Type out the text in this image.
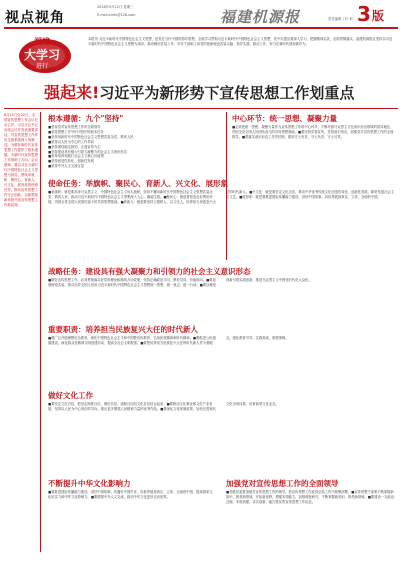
视点视角
2018年9月12日 星期三
E-mail:xinfu@126.com	福建机源报	责任编辑 / 叶 莉 3 版
福建
大学习
进行
本报讯 习近平新时代中国特色社会主义思想，是党在当代中国的指导思想。全面学习贯彻习近平新时代中国特色社会主义思想，党中央提出要深入学习，把握精神实质，全面贯彻落实。福建机源报社坚持以习近平新时代中国特色社会主义思想为指导，推动理论武装工作，引导干部职工用党的创新理论武装头脑、指导实践、推动工作，努力在新时代展现新作为。
强起来!习近平为新形势下宣传思想工作划重点
8月21日至22日，全国宣传思想工作会议在京召开。习近平总书记出席会议并发表重要讲话，对宣传思想工作作出全面系统深入的阐述，为做好新时代宣传思想工作提供了根本遵循，为新时代宣传思想工作指明了方向。会议强调，要以习近平新时代中国特色社会主义思想为指导，围绕举旗帜、聚民心、育新人、兴文化、展形象的使命任务，推动宣传思想工作守正创新，以新思路新举措开创宣传思想工作新局面。
根本遵循：九个"坚持"
■坚持党对宣传思想工作的全面领导
■坚持思想工作"两个巩固"的根本任务
■坚持用新时代中国特色社会主义思想武装全党、教育人民
■坚持以人民为中心的工作导向
■坚持团结稳定鼓劲、正面宣传为主
■坚持建设具有强大引领力凝聚力的社会主义意识形态
■坚持培育和践行社会主义核心价值观
■坚持创造性转化、创新性发展
■坚持中外人文交流互鉴
中心环节：统一思想、凝聚力量
■必须把统一思想、凝聚力量作为宣传思想工作的中心环节，不断巩固马克思主义在意识形态领域的指导地位，巩固全党全国人民团结奋斗的共同思想基础。■要坚持党管宣传、党管意识形态，加强党对宣传思想工作的全面领导。■要落实意识形态工作责任制，做到守土有责、守土负责、守土尽责。
使命任务：举旗帜、聚民心、育新人、兴文化、展形象
■举旗帜：就是要高举马克思主义、中国特色社会主义伟大旗帜，坚持不懈用新时代中国特色社会主义思想武装全党、教育人民，推动习近平新时代中国特色社会主义思想深入人心、落地生根。■聚民心：就是要营造良好舆论环境，巩固全党全国人民团结奋斗的共同思想基础。■育新人：就是要坚持立德树人、以文化人，培养担当民族复兴大任的时代新人。■兴文化：就是要坚定文化自信，推动中华优秀传统文化创造性转化、创新性发展，繁荣发展社会主义文艺。■展形象：就是要推进国际传播能力建设，讲好中国故事，向世界展现真实、立体、全面的中国。
战略任务：建设具有强大凝聚力和引领力的社会主义意识形态
■做好宣传思想工作，必须贯彻落实好党的理论和路线方针政策，坚持正确政治方向、舆论导向、价值取向。■要加强理论武装，推动全党全国人民用习近平新时代中国特色社会主义思想统一思想、统一意志、统一行动。■要以理论创新引领实践创新，推进马克思主义中国化时代化大众化。
重要职责：培养担当民族复兴大任的时代新人
■要广泛开展理想信念教育，深化中国特色社会主义和中国梦宣传教育，弘扬民族精神和时代精神。■要推进公民道德建设，深化群众性精神文明创建活动，提高全社会文明程度。■要把培养担当民族复兴大任的时代新人作为着眼点，强化教育引导、实践养成、制度保障。
做好文化工作
■要坚定文化自信，把坚定制度自信、理论自信、道路自信同文化自信结合起来。■要推动文化事业和文化产业发展，坚持以人民为中心的创作导向，推出更多增强人民精神力量的优秀作品。■要深化文化体制改革，加快完善现代文化市场体系，培育新型文化业态。
不断提升中华文化影响力
■要推进国际传播能力建设，讲好中国故事、传播好中国声音，向世界展现真实、立体、全面的中国，提高国家文化软实力和中华文化影响力。■要增强中外人文交流，推动中华文化更好走向世界。
加强党对宣传思想工作的全面领导
■各级党委要加强对宣传思想工作的领导，把宣传思想工作放到全局工作中统筹部署。■宣传思想干部要不断掌握新知识、熟悉新领域、开拓新视野，增强本领能力，加强调查研究，不断掌握新知识、熟悉新领域。■要建设一支政治过硬、本领高强、求实创新、能打胜仗的宣传思想工作队伍。
